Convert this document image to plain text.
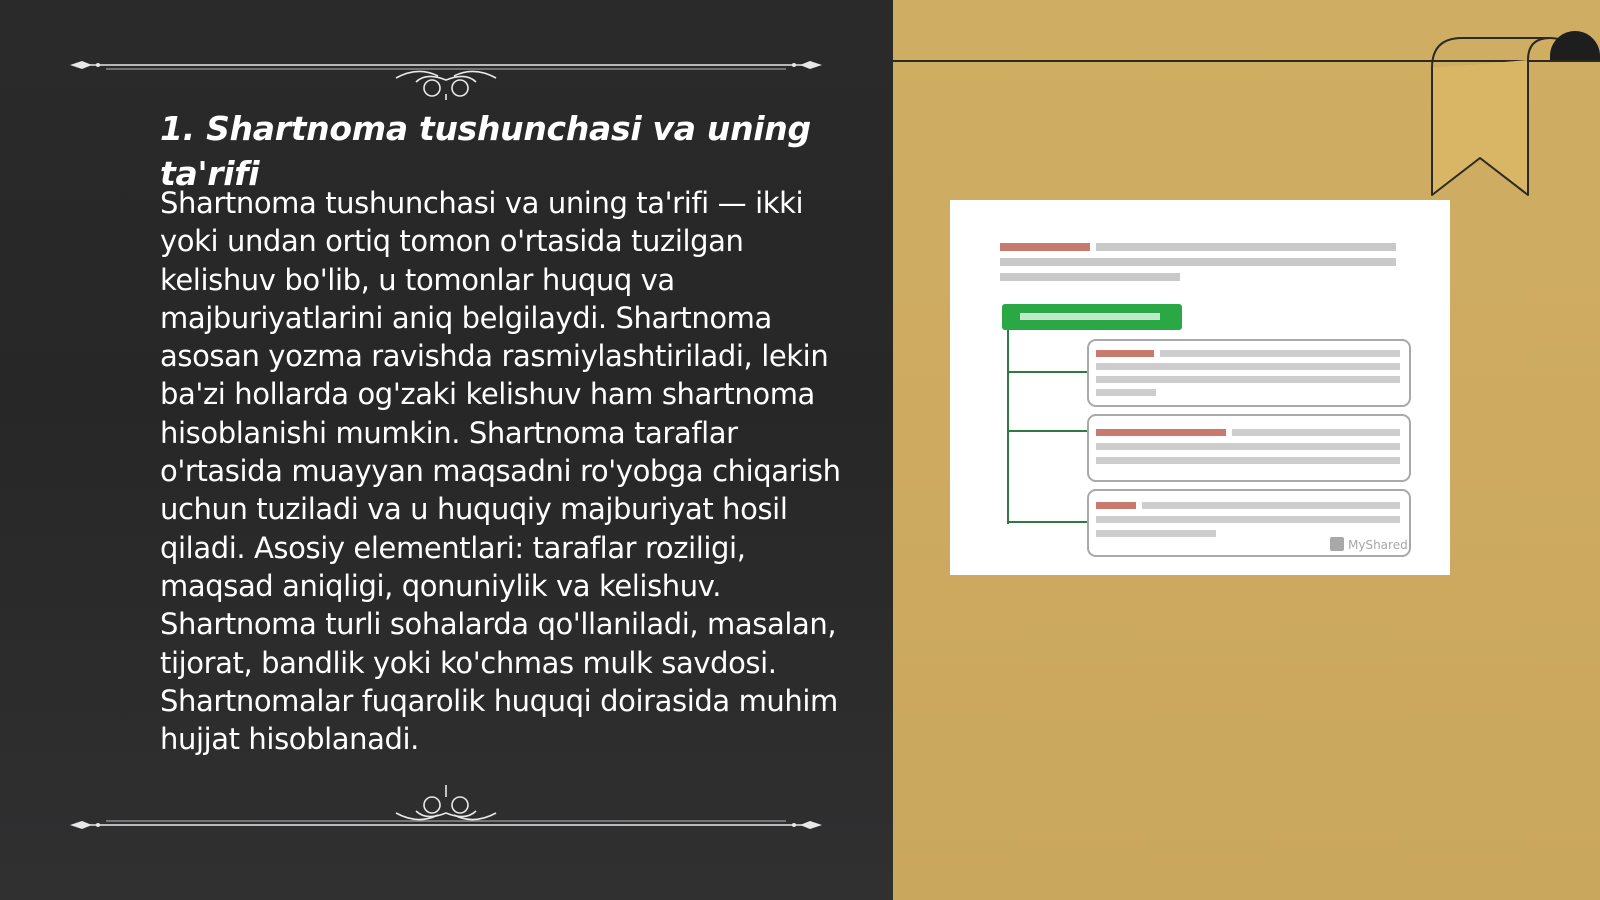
1. Shartnoma tushunchasi va uning ta'rifi

Shartnoma tushunchasi va uning ta'rifi — ikki yoki undan ortiq tomon o'rtasida tuzilgan kelishuv bo'lib, u tomonlar huquq va majburiyatlarini aniq belgilaydi. Shartnoma asosan yozma ravishda rasmiylashtiriladi, lekin ba'zi hollarda og'zaki kelishuv ham shartnoma hisoblanishi mumkin. Shartnoma taraflar o'rtasida muayyan maqsadni ro'yobga chiqarish uchun tuziladi va u huquqiy majburiyat hosil qiladi. Asosiy elementlari: taraflar roziligi, maqsad aniqligi, qonuniylik va kelishuv. Shartnoma turli sohalarda qo'llaniladi, masalan, tijorat, bandlik yoki ko'chmas mulk savdosi. Shartnomalar fuqarolik huquqi doirasida muhim hujjat hisoblanadi.

MyShared
